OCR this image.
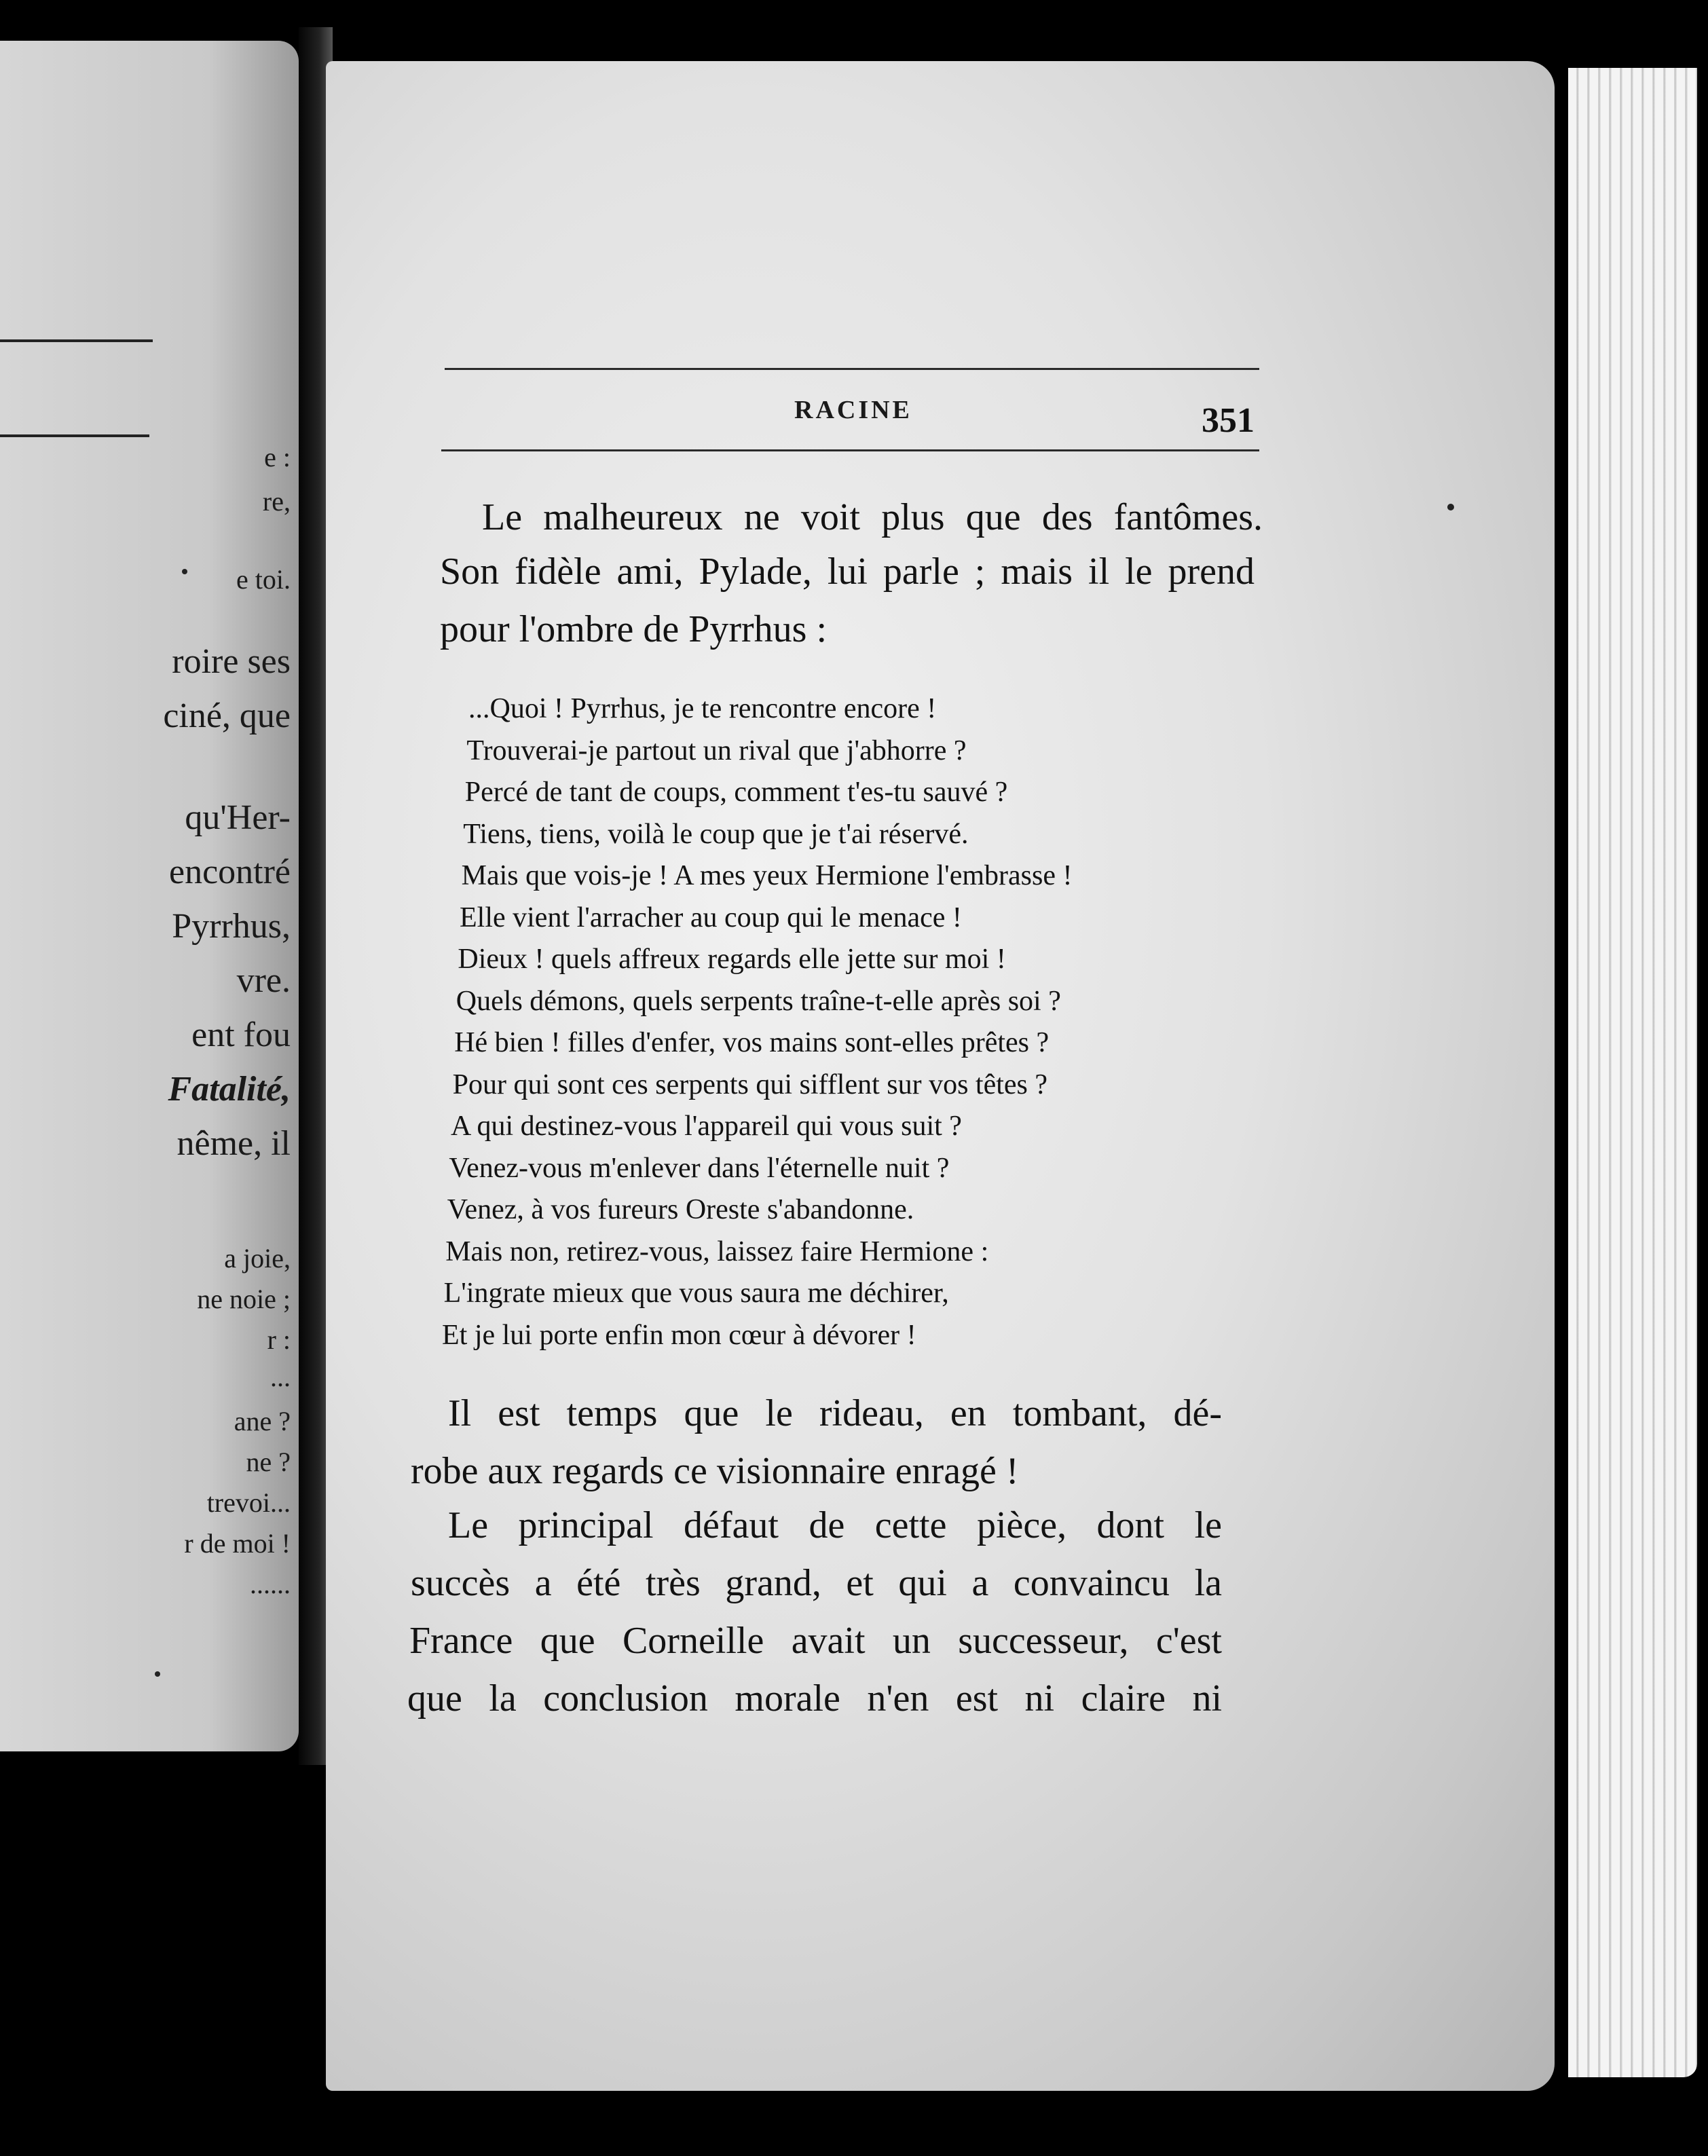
e :
re,
e toi.
roire ses
ciné, que
qu'Her-
encontré
Pyrrhus,
vre.
ent fou
Fatalité,
nême, il
a joie,
ne noie ;
r :
...
ane ?
ne ?
trevoi...
r de moi !
......
Le malheureux ne voit plus que des fantômes.
Son fidèle ami, Pylade, lui parle ; mais il le prend
pour l'ombre de Pyrrhus :
...Quoi ! Pyrrhus, je te rencontre encore !
Trouverai-je partout un rival que j'abhorre ?
Percé de tant de coups, comment t'es-tu sauvé ?
Tiens, tiens, voilà le coup que je t'ai réservé.
Mais que vois-je ! A mes yeux Hermione l'embrasse !
Elle vient l'arracher au coup qui le menace !
Dieux ! quels affreux regards elle jette sur moi !
Quels démons, quels serpents traîne-t-elle après soi ?
Hé bien ! filles d'enfer, vos mains sont-elles prêtes ?
Pour qui sont ces serpents qui sifflent sur vos têtes ?
A qui destinez-vous l'appareil qui vous suit ?
Venez-vous m'enlever dans l'éternelle nuit ?
Venez, à vos fureurs Oreste s'abandonne.
Mais non, retirez-vous, laissez faire Hermione :
L'ingrate mieux que vous saura me déchirer,
Et je lui porte enfin mon cœur à dévorer !
Il est temps que le rideau, en tombant, dé-
robe aux regards ce visionnaire enragé !
Le principal défaut de cette pièce, dont le
succès a été très grand, et qui a convaincu la
France que Corneille avait un successeur, c'est
que la conclusion morale n'en est ni claire ni
RACINE	351
